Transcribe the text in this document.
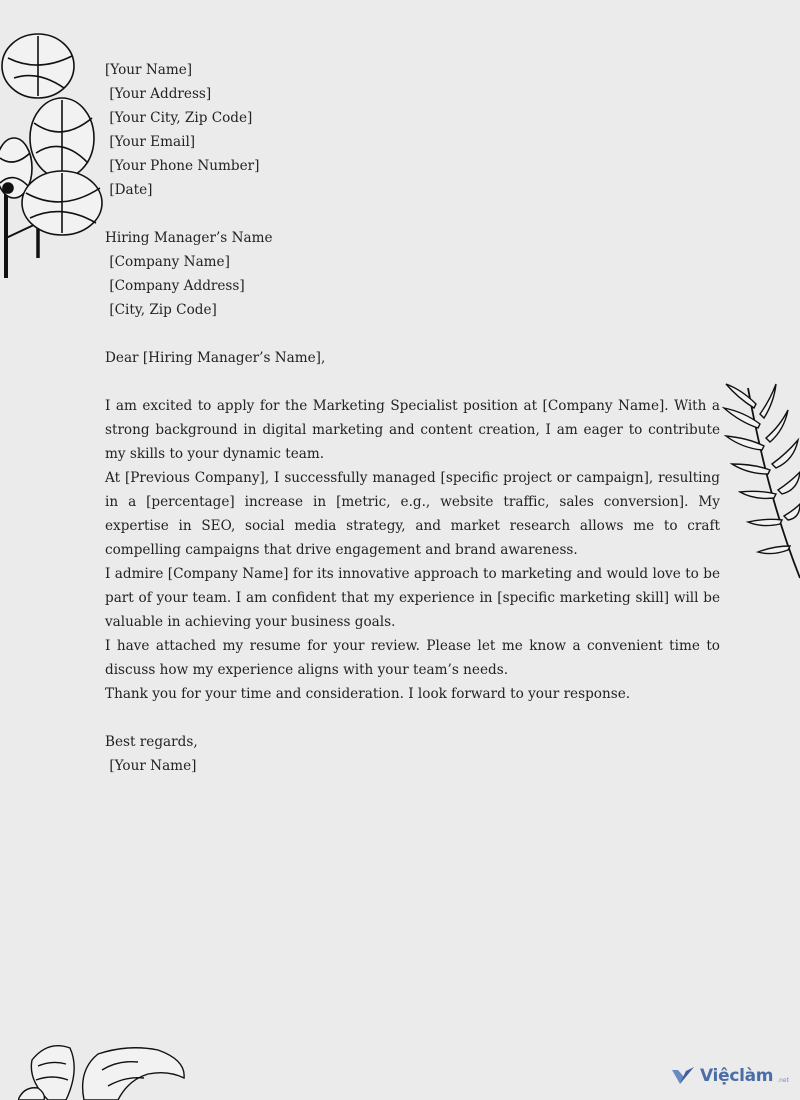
[Your Name]
[Your Address]
[Your City, Zip Code]
[Your Email]
[Your Phone Number]
[Date]
Hiring Manager’s Name
[Company Name]
[Company Address]
[City, Zip Code]
Dear [Hiring Manager’s Name],
I am excited to apply for the Marketing Specialist position at [Company Name]. With a strong background in digital marketing and content creation, I am eager to contribute my skills to your dynamic team.
At [Previous Company], I successfully managed [specific project or campaign], resulting in a [percentage] increase in [metric, e.g., website traffic, sales conversion]. My expertise in SEO, social media strategy, and market research allows me to craft compelling campaigns that drive engagement and brand awareness.
I admire [Company Name] for its innovative approach to marketing and would love to be part of your team. I am confident that my experience in [specific marketing skill] will be valuable in achieving your business goals.
I have attached my resume for your review. Please let me know a convenient time to discuss how my experience aligns with your team’s needs.
Thank you for your time and consideration. I look forward to your response.
Best regards,
[Your Name]
Việclàm .net
